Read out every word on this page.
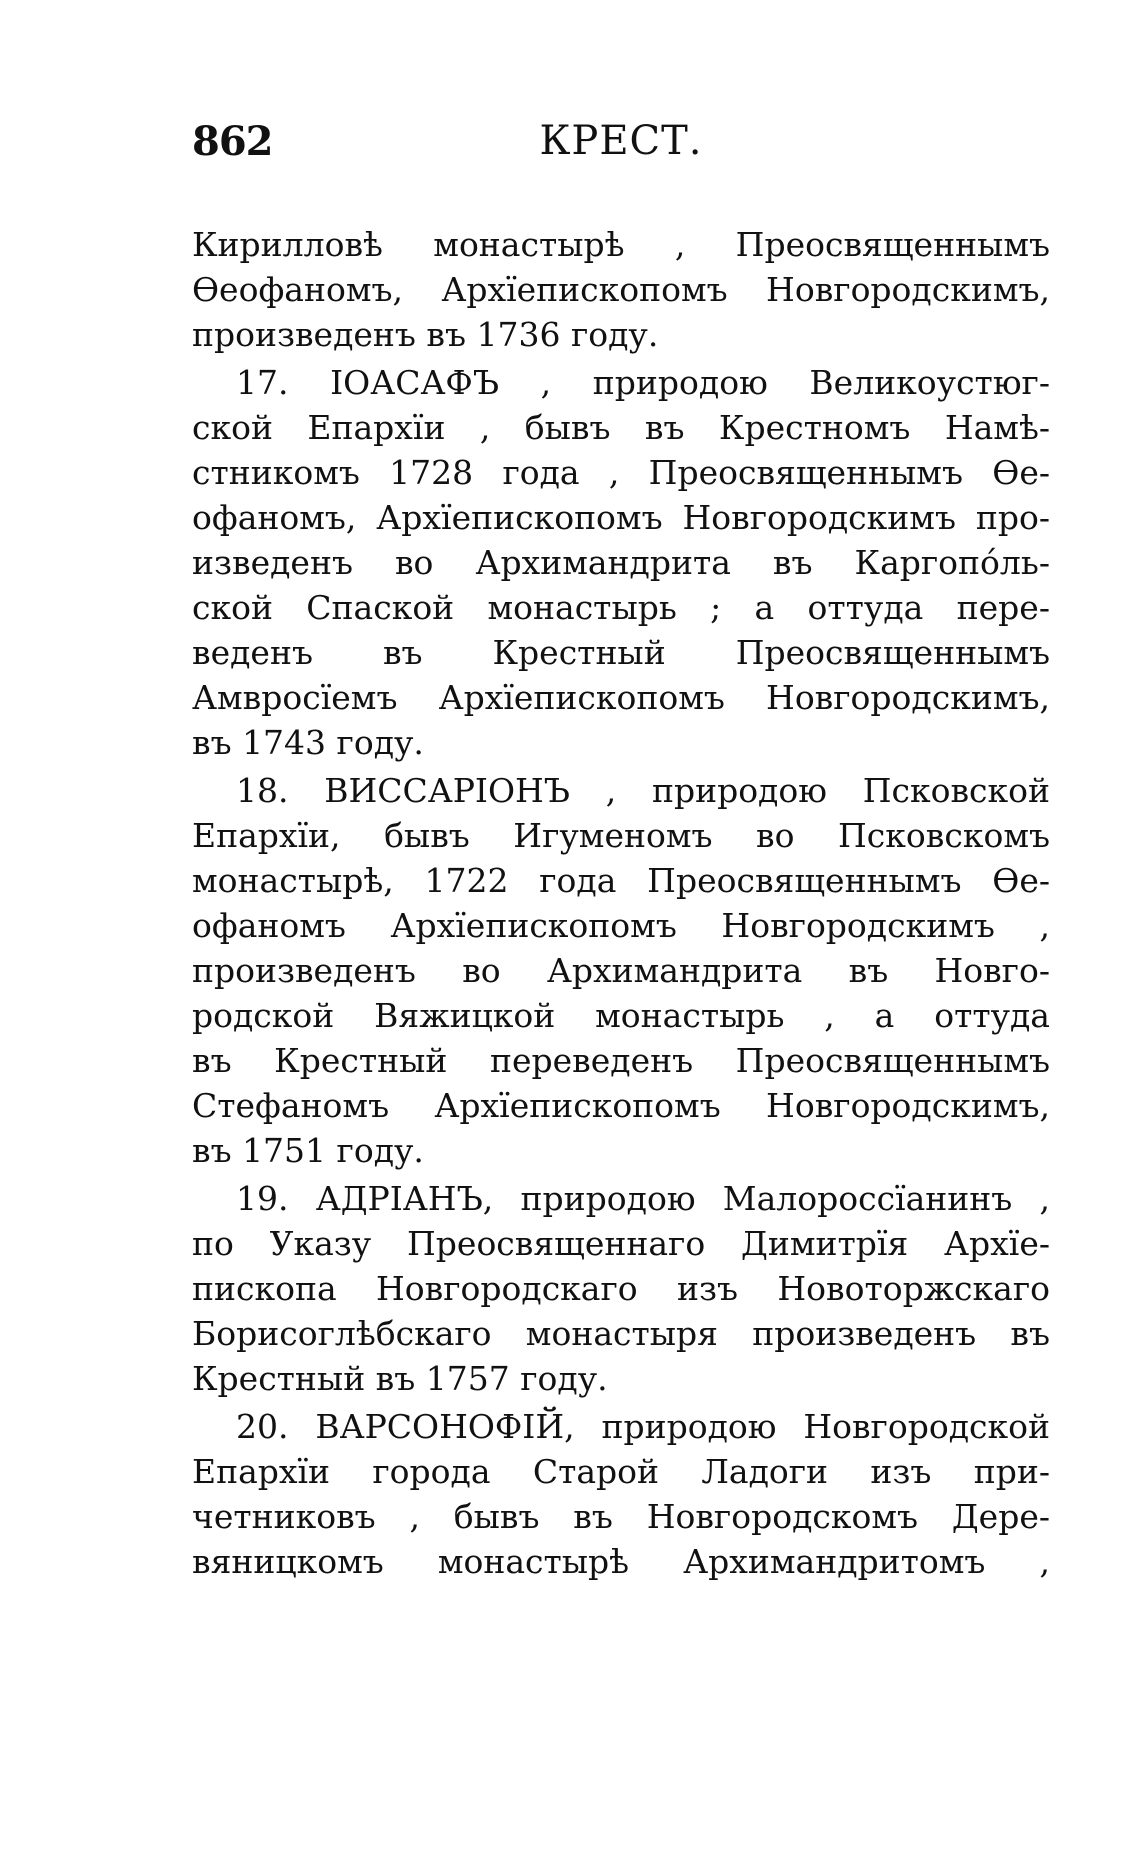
862	КРЕСТ.
Кирилловѣ монастырѣ , Преосвященнымъ
Ѳеофаномъ, Архїепископомъ Новгородскимъ,
произведенъ въ 1736 году.
17. ІОАСАФЪ , природою Великоустюг-
ской Епархїи , бывъ въ Крестномъ Намѣ-
стникомъ 1728 года , Преосвященнымъ Ѳе-
офаномъ, Архїепископомъ Новгородскимъ про-
изведенъ во Архимандрита въ Каргопóль-
ской Спаской монастырь ; а оттуда пере-
веденъ въ Крестный Преосвященнымъ
Амвросїемъ Архїепископомъ Новгородскимъ,
въ 1743 году.
18. ВИССАРІОНЪ , природою Псковской
Епархїи, бывъ Игуменомъ во Псковскомъ
монастырѣ, 1722 года Преосвященнымъ Ѳе-
офаномъ Архїепископомъ Новгородскимъ ,
произведенъ во Архимандрита въ Новго-
родской Вяжицкой монастырь , а оттуда
въ Крестный переведенъ Преосвященнымъ
Стефаномъ Архїепископомъ Новгородскимъ,
въ 1751 году.
19. АДРІАНЪ, природою Малороссїанинъ ,
по Указу Преосвященнаго Димитрїя Архїе-
пископа Новгородскаго изъ Новоторжскаго
Борисоглѣбскаго монастыря произведенъ въ
Крестный въ 1757 году.
20. ВАРСОНОФІЙ, природою Новгородской
Епархїи города Старой Ладоги изъ при-
четниковъ , бывъ въ Новгородскомъ Дере-
вяницкомъ монастырѣ Архимандритомъ ,
